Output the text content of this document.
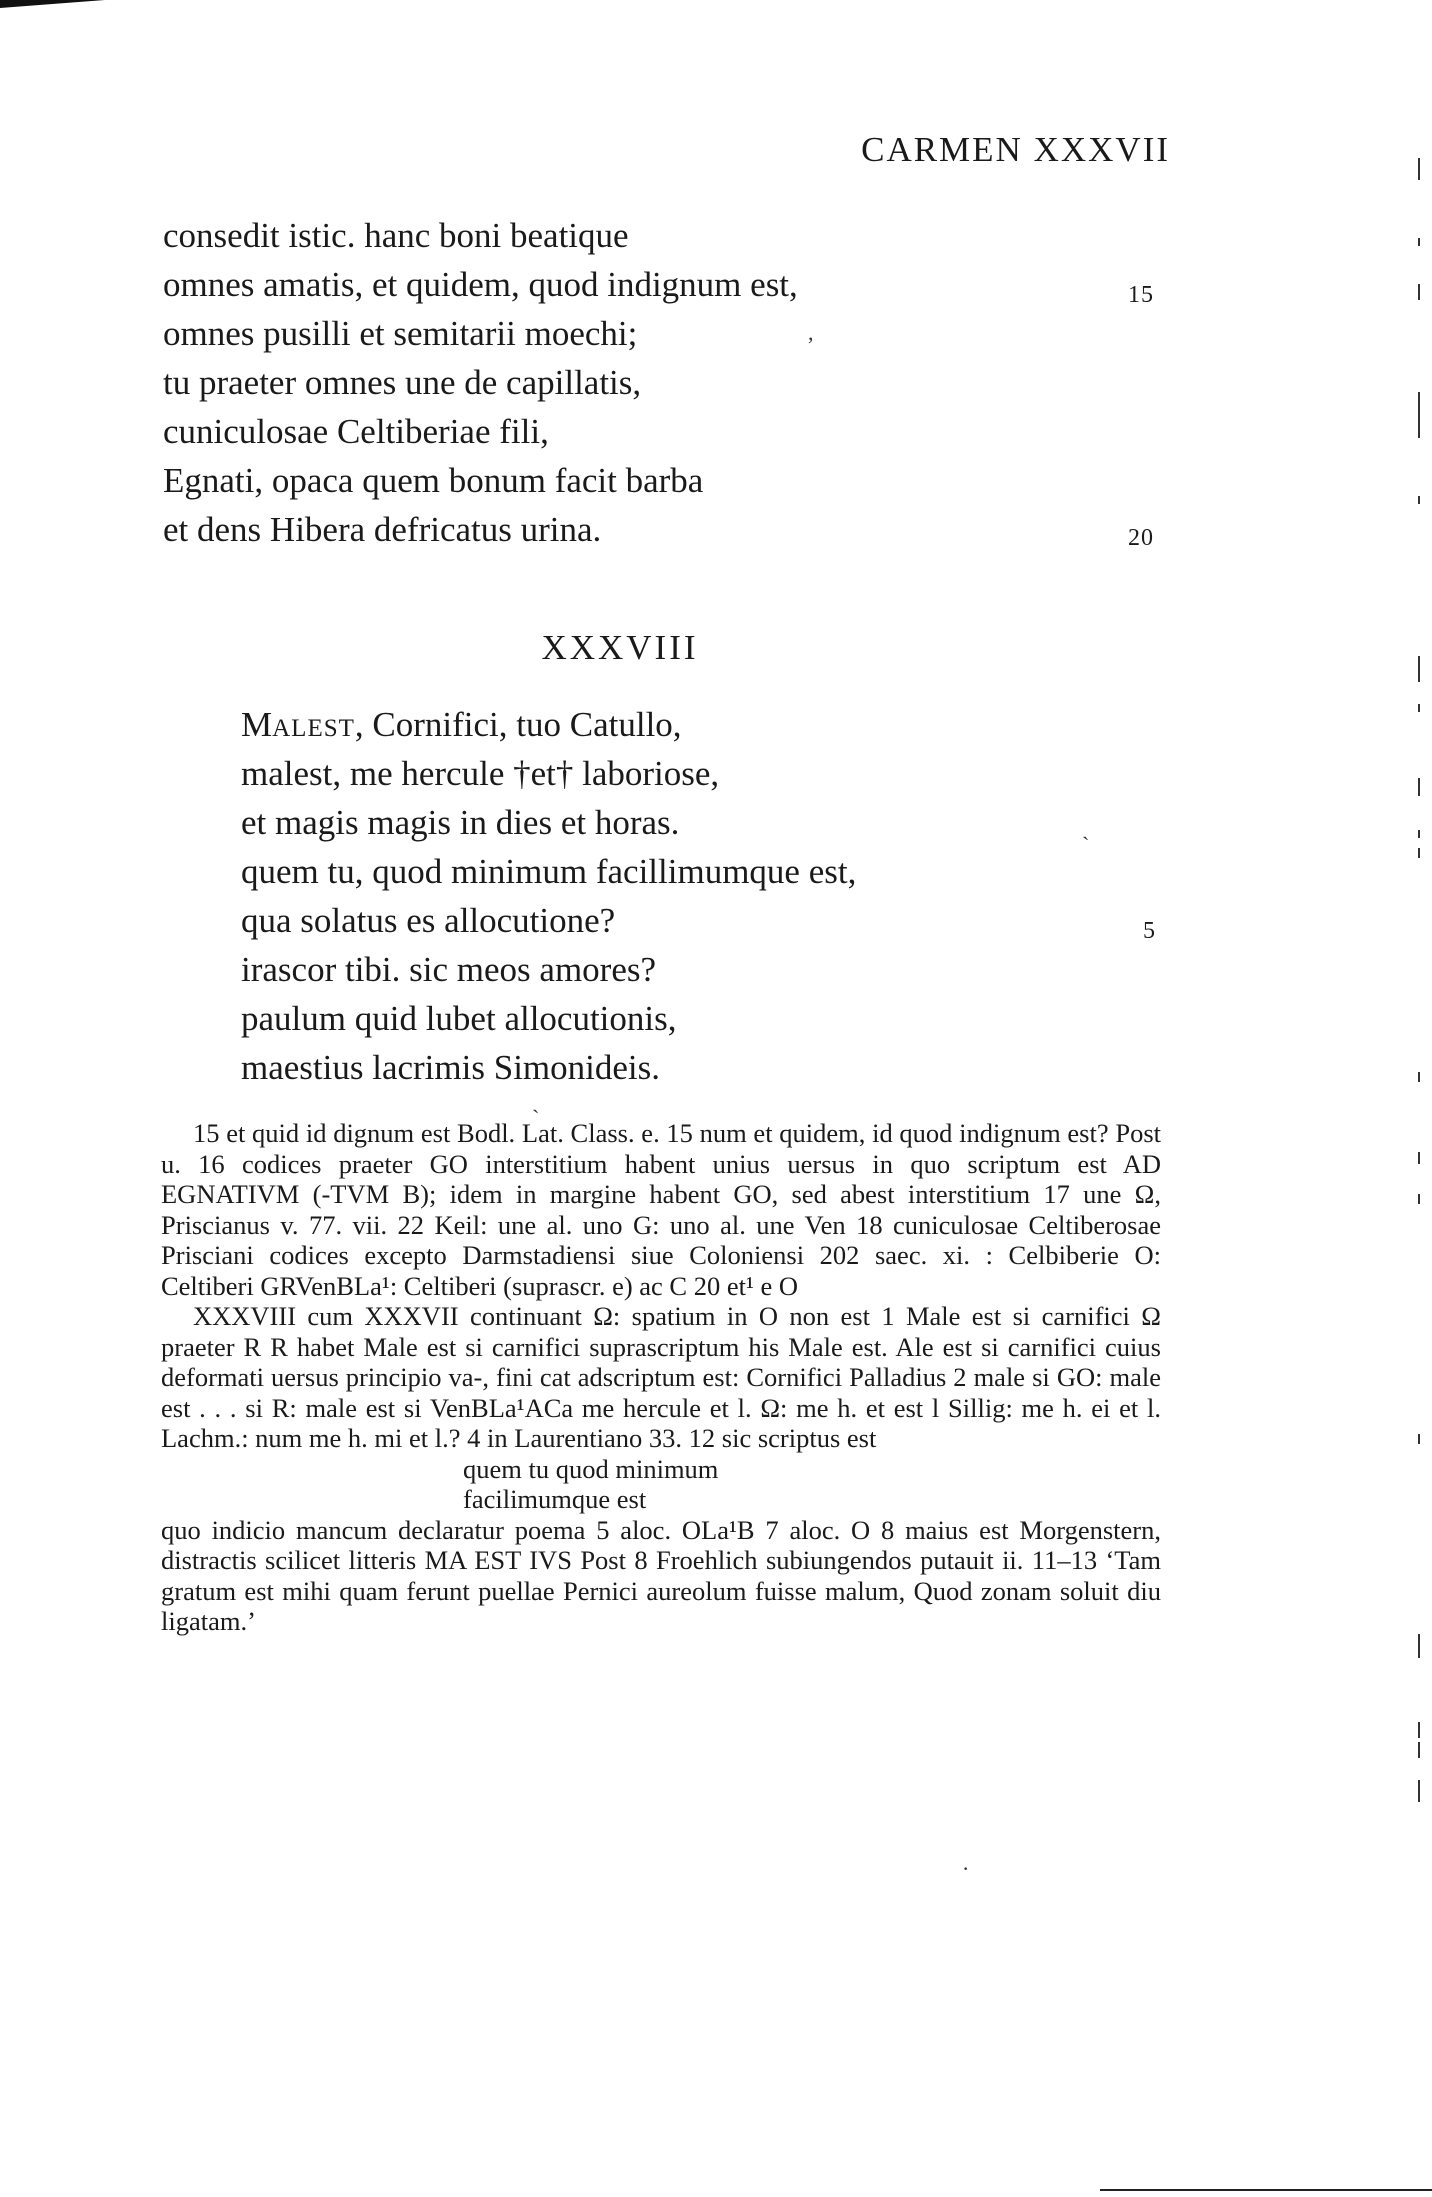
CARMEN XXXVII
consedit istic. hanc boni beatique
omnes amatis, et quidem, quod indignum est,
omnes pusilli et semitarii moechi;
tu praeter omnes une de capillatis,
cuniculosae Celtiberiae fili,
Egnati, opaca quem bonum facit barba
et dens Hibera defricatus urina.
15
20
XXXVIII
Malest, Cornifici, tuo Catullo,
malest, me hercule †et† laboriose,
et magis magis in dies et horas.
quem tu, quod minimum facillimumque est,
qua solatus es allocutione?
irascor tibi. sic meos amores?
paulum quid lubet allocutionis,
maestius lacrimis Simonideis.
5

15 et quid id dignum est Bodl. Lat. Class. e. 15 num et quidem, id quod indignum est? Post u. 16 codices praeter GO interstitium habent unius uersus in quo scriptum est AD EGNATIVM (-TVM B); idem in margine habent GO, sed abest interstitium 17 une Ω, Priscianus v. 77. vii. 22 Keil: une al. uno G: uno al. une Ven 18 cuniculosae Celtiberosae Prisciani codices excepto Darmstadiensi siue Coloniensi 202 saec. xi. : Celbiberie O: Celtiberi GRVenBLa¹: Celtiberi (suprascr. e) ac C 20 et¹ e O

XXXVIII cum XXXVII continuant Ω: spatium in O non est 1 Male est si carnifici Ω praeter R R habet Male est si carnifici suprascriptum his Male est. Ale est si carnifici cuius deformati uersus principio va-, fini cat adscriptum est: Cornifici Palladius 2 male si GO: male est . . . si R: male est si VenBLa¹ACa me hercule et l. Ω: me h. et est l Sillig: me h. ei et l. Lachm.: num me h. mi et l.? 4 in Laurentiano 33. 12 sic scriptus est

quem tu quod minimum

facilimumque est

quo indicio mancum declaratur poema 5 aloc. OLa¹B 7 aloc. O 8 maius est Morgenstern, distractis scilicet litteris MA EST IVS Post 8 Froehlich subiungendos putauit ii. 11–13 ‘Tam gratum est mihi quam ferunt puellae Pernici aureolum fuisse malum, Quod zonam soluit diu ligatam.’

,
ˎ
ˏ
·
